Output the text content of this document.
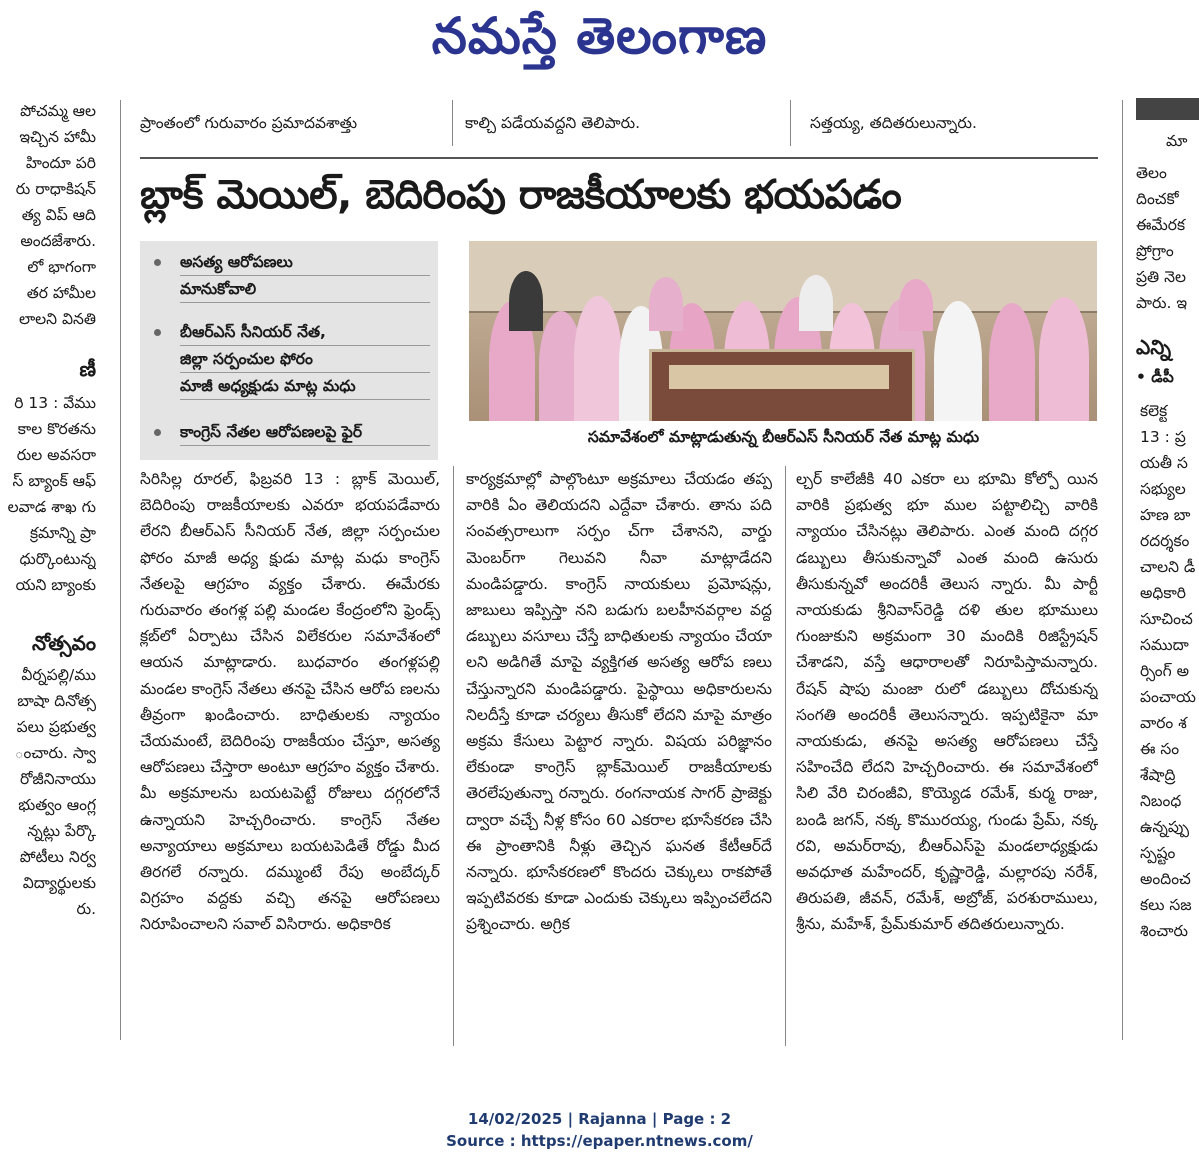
నమస్తే తెలంగాణ
పోచమ్మ ఆల
ఇచ్చిన హామీ
హిందూ పరి
రు రాధాకిషన్
త్య విప్ ఆది
అందజేశారు.
లో భాగంగా
తర హామీల
లాలని వినతి
ణీ
రి 13 : వేము
కాల కొరతను
రుల అవసరా
స్ బ్యాంక్ ఆఫ్
లవాడ శాఖ గు
క్రమాన్ని ప్రా
ధుర్కొంటున్న
యని బ్యాంకు
నోత్సవం
వీర్నపల్లి/ము
బాషా దినోత్స
పలు ప్రభుత్వ
ంచారు. స్వా
రోజీనినాయు
భుత్వం ఆంగ్ల
న్నట్లు పేర్కొ
పోటీలు నిర్వ
విద్యార్థులకు
రు.
ప్రాంతంలో గురువారం ప్రమాదవశాత్తు	కాల్చి పడేయవద్దని తెలిపారు.	సత్తయ్య, తదితరులున్నారు.
బ్లాక్ మెయిల్, బెదిరింపు రాజకీయాలకు భయపడం
అసత్య ఆరోపణలు
మానుకోవాలి
బీఆర్ఎస్ సీనియర్ నేత,
జిల్లా సర్పంచుల ఫోరం
మాజీ అధ్యక్షుడు మాట్ల మధు
కాంగ్రెస్ నేతల ఆరోపణలపై ఫైర్	సమావేశంలో మాట్లాడుతున్న బీఆర్ఎస్ సీనియర్ నేత మాట్ల మధు
సిరిసిల్ల రూరల్, ఫిబ్రవరి 13 : బ్లాక్ మెయిల్, బెదిరింపు రాజకీయాలకు ఎవరూ భయపడేవారు లేరని బీఆర్ఎస్ సీనియర్ నేత, జిల్లా సర్పంచుల ఫోరం మాజీ అధ్య క్షుడు మాట్ల మధు కాంగ్రెస్ నేతలపై ఆగ్రహం వ్యక్తం చేశారు. ఈమేరకు గురువారం తంగళ్ల పల్లి మండల కేంద్రంలోని ఫ్రెండ్స్ క్లబ్‌లో ఏర్పాటు చేసిన విలేకరుల సమావేశంలో ఆయన మాట్లాడారు. బుధవారం తంగళ్లపల్లి మండల కాంగ్రెస్ నేతలు తనపై చేసిన ఆరోప ణలను తీవ్రంగా ఖండించారు. బాధితులకు న్యాయం చేయమంటే, బెదిరింపు రాజకీయం చేస్తూ, అసత్య ఆరోపణలు చేస్తారా అంటూ ఆగ్రహం వ్యక్తం చేశారు. మీ అక్రమాలను బయటపెట్టే రోజులు దగ్గరలోనే ఉన్నాయని హెచ్చరించారు. కాంగ్రెస్ నేతల అన్యాయాలు అక్రమాలు బయటపెడితే రోడ్డు మీద తిరగలే రన్నారు. దమ్ముంటే రేపు అంబేద్కర్ విగ్రహం వద్దకు వచ్చి తనపై ఆరోపణలు నిరూపించాలని సవాల్ విసిరారు. అధికారిక
కార్యక్రమాల్లో పాల్గొంటూ అక్రమాలు చేయడం తప్ప వారికి ఏం తెలియదని ఎద్దేవా చేశారు. తాను పది సంవత్సరాలుగా సర్పం చ్‌గా చేశానని, వార్డు మెంబర్‌గా గెలువని నీవా మాట్లాడేదని మండిపడ్డారు. కాంగ్రెస్ నాయకులు ప్రమోషన్లు, జాబులు ఇప్పిస్తా నని బడుగు బలహీనవర్గాల వద్ద డబ్బులు వసూలు చేస్తే బాధితులకు న్యాయం చేయా లని అడిగితే మాపై వ్యక్తిగత అసత్య ఆరోప ణలు చేస్తున్నారని మండిపడ్డారు. పైస్థాయి అధికారులను నిలదీస్తే కూడా చర్యలు తీసుకో లేదని మాపై మాత్రం అక్రమ కేసులు పెట్టార న్నారు. విషయ పరిజ్ఞానం లేకుండా కాంగ్రెస్ బ్లాక్‌మెయిల్ రాజకీయాలకు తెరలేపుతున్నా రన్నారు. రంగనాయక సాగర్ ప్రాజెక్టు ద్వారా వచ్చే నీళ్ల కోసం 60 ఎకరాల భూసేకరణ చేసి ఈ ప్రాంతానికి నీళ్లు తెచ్చిన ఘనత కేటీఆర్‌దే నన్నారు. భూసేకరణలో కొందరు చెక్కులు రాకపోతే ఇప్పటివరకు కూడా ఎందుకు చెక్కులు ఇప్పించలేదని ప్రశ్నించారు. అగ్రిక
ల్చర్ కాలేజీకి 40 ఎకరా లు భూమి కోల్పో యిన వారికి ప్రభుత్వ భూ ముల పట్టాలిచ్చి వారికి న్యాయం చేసినట్లు తెలిపారు. ఎంత మంది దగ్గర డబ్బులు తీసుకున్నావో ఎంత మంది ఉసురు తీసుకున్నవో అందరికీ తెలుస న్నారు. మీ పార్టీ నాయకుడు శ్రీనివాస్‌రెడ్డి దళి తుల భూములు గుంజుకుని అక్రమంగా 30 మందికి రిజిస్ట్రేషన్ చేశాడని, వస్తే ఆధారాలతో నిరూపిస్తామన్నారు. రేషన్ షాపు మంజా రులో డబ్బులు దోచుకున్న సంగతి అందరికీ తెలుసన్నారు. ఇప్పటికైనా మా నాయకుడు, తనపై అసత్య ఆరోపణలు చేస్తే సహించేది లేదని హెచ్చరించారు. ఈ సమావేశంలో సిలి వేరి చిరంజీవి, కొయ్యెడ రమేశ్, కుర్మ రాజు, బండి జగన్, నక్క కొమురయ్య, గుండు ప్రేమ్, నక్క రవి, అమర్‌రావు, బీఆర్ఎస్‌పై మండలాధ్యక్షుడు అవధూత మహేందర్, కృష్ణారెడ్డి, మల్లారపు నరేశ్, తిరుపతి, జీవన్, రమేశ్, అబ్రోజ్, పరశురాములు, శ్రీను, మహేశ్, ప్రేమ్‌కుమార్ తదితరులున్నారు.
మా
తెలం
దించకో
ఈమేరక
ప్రోగ్రాం
ప్రతి నెల
పారు. ఇ
ఎన్ని
• డీపీ
కలెక్ట
13 : ప్ర
యతీ స
సభ్యుల
హణ బా
రదర్శకం
చాలని డీ
అధికారి
సూచించ
సముదా
ర్సింగ్ అ
పంచాయ
వారం శ
ఈ సం
శేషాద్రి
నిబంధ
ఉన్నప్పు
స్పష్టం
అందించ
కలు సజ
శించారు
14/02/2025 | Rajanna | Page : 2
Source : https://epaper.ntnews.com/
